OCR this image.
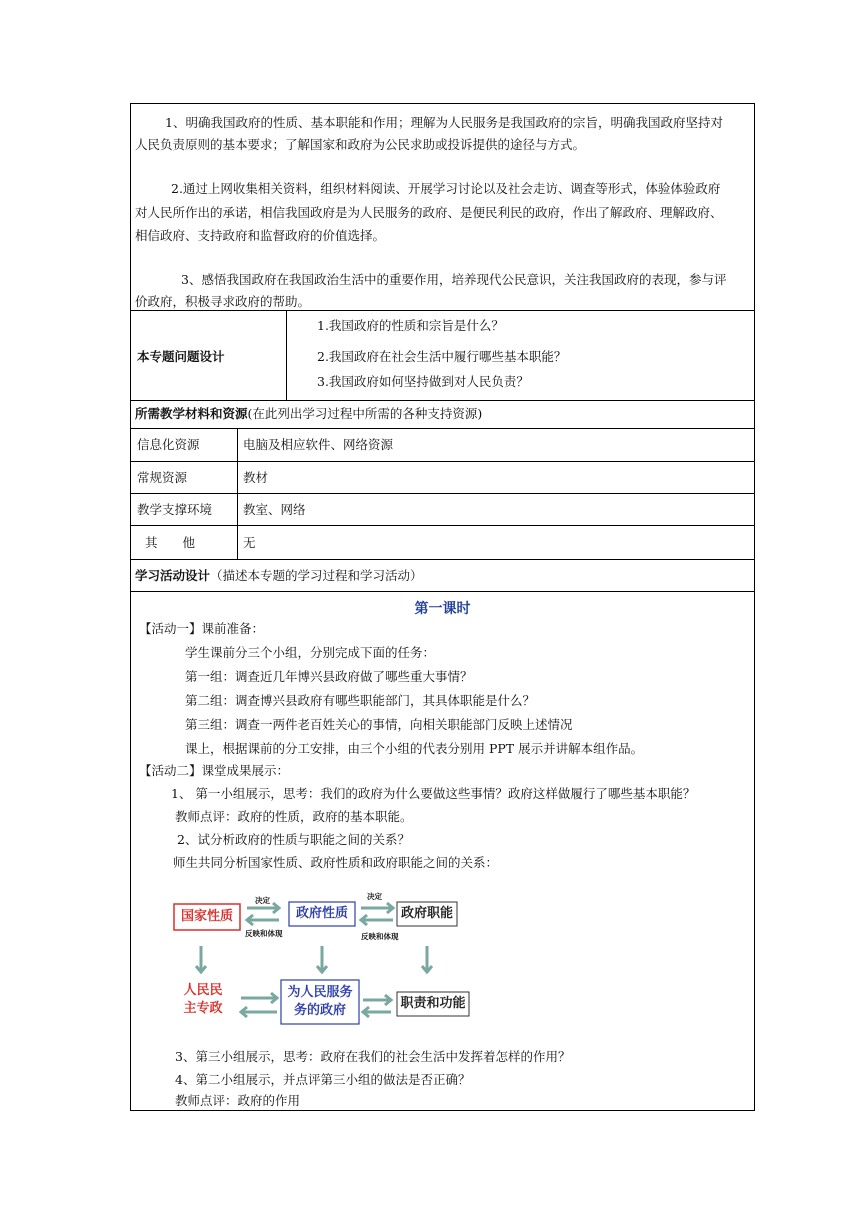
1、明确我国政府的性质、基本职能和作用；理解为人民服务是我国政府的宗旨，明确我国政府坚持对
人民负责原则的基本要求；了解国家和政府为公民求助或投诉提供的途径与方式。
2.通过上网收集相关资料，组织材料阅读、开展学习讨论以及社会走访、调查等形式，体验体验政府
对人民所作出的承诺，相信我国政府是为人民服务的政府、是便民利民的政府，作出了解政府、理解政府、
相信政府、支持政府和监督政府的价值选择。
3、感悟我国政府在我国政治生活中的重要作用，培养现代公民意识，关注我国政府的表现，参与评
价政府，积极寻求政府的帮助。
本专题问题设计
1.我国政府的性质和宗旨是什么？
2.我国政府在社会生活中履行哪些基本职能？
3.我国政府如何坚持做到对人民负责？
所需教学材料和资源(在此列出学习过程中所需的各种支持资源)
信息化资源	电脑及相应软件、网络资源
常规资源	教材
教学支撑环境 教室、网络
其　　他	无
学习活动设计（描述本专题的学习过程和学习活动）
第一课时
【活动一】课前准备：
学生课前分三个小组，分别完成下面的任务：
第一组：调查近几年博兴县政府做了哪些重大事情？
第二组：调查博兴县政府有哪些职能部门，其具体职能是什么？
第三组：调查一两件老百姓关心的事情，向相关职能部门反映上述情况
课上，根据课前的分工安排，由三个小组的代表分别用 PPT 展示并讲解本组作品。
【活动二】课堂成果展示：
1、 第一小组展示，思考：我们的政府为什么要做这些事情？政府这样做履行了哪些基本职能？
教师点评：政府的性质，政府的基本职能。
2、试分析政府的性质与职能之间的关系？
师生共同分析国家性质、政府性质和政府职能之间的关系：
国家性质	政府性质	政府职能
人民民
主专政
为人民服务
务的政府	职责和功能
决定
反映和体现
决定
反映和体现
3、第三小组展示，思考：政府在我们的社会生活中发挥着怎样的作用？
4、第二小组展示，并点评第三小组的做法是否正确？
教师点评：政府的作用
